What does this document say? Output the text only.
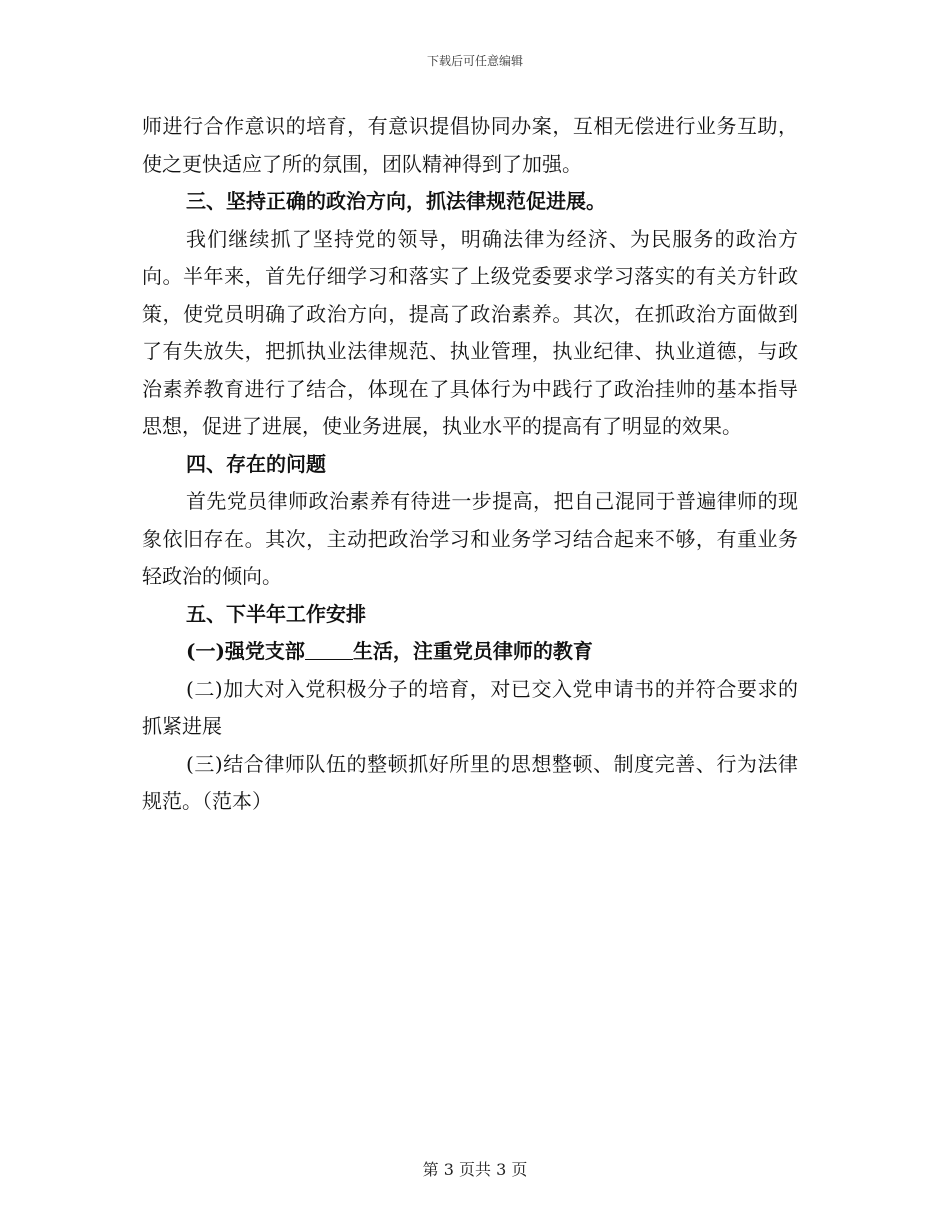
下载后可任意编辑

师进行合作意识的培育，有意识提倡协同办案，互相无偿进行业务互助，使之更快适应了所的氛围，团队精神得到了加强。

三、坚持正确的政治方向，抓法律规范促进展。

我们继续抓了坚持党的领导，明确法律为经济、为民服务的政治方向。半年来，首先仔细学习和落实了上级党委要求学习落实的有关方针政策，使党员明确了政治方向，提高了政治素养。其次，在抓政治方面做到了有失放失，把抓执业法律规范、执业管理，执业纪律、执业道德，与政治素养教育进行了结合，体现在了具体行为中践行了政治挂帅的基本指导思想，促进了进展，使业务进展，执业水平的提高有了明显的效果。

四、存在的问题

首先党员律师政治素养有待进一步提高，把自己混同于普遍律师的现象依旧存在。其次，主动把政治学习和业务学习结合起来不够，有重业务轻政治的倾向。

五、下半年工作安排

(一)强党支部 生活，注重党员律师的教育

(二)加大对入党积极分子的培育，对已交入党申请书的并符合要求的抓紧进展

(三)结合律师队伍的整顿抓好所里的思想整顿、制度完善、行为法律规范。（范本）

第 3 页共 3 页
